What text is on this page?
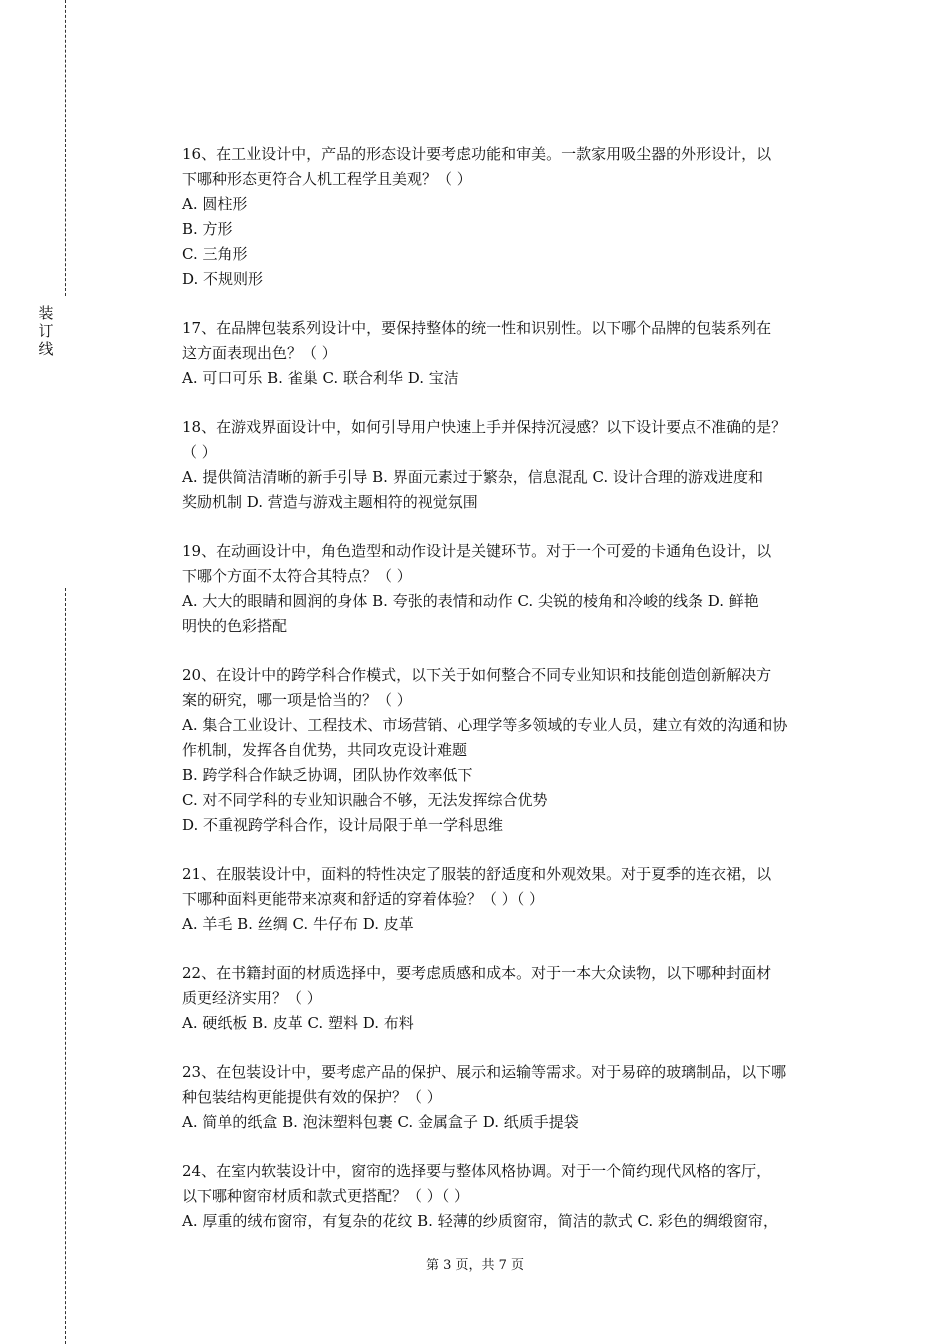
装
订
线

16、在工业设计中，产品的形态设计要考虑功能和审美。一款家用吸尘器的外形设计，以

下哪种形态更符合人机工程学且美观？（ ）

A. 圆柱形

B. 方形

C. 三角形

D. 不规则形

17、在品牌包装系列设计中，要保持整体的统一性和识别性。以下哪个品牌的包装系列在

这方面表现出色？（ ）

A. 可口可乐 B. 雀巢 C. 联合利华 D. 宝洁

18、在游戏界面设计中，如何引导用户快速上手并保持沉浸感？以下设计要点不准确的是？

（ ）

A. 提供简洁清晰的新手引导 B. 界面元素过于繁杂，信息混乱 C. 设计合理的游戏进度和

奖励机制 D. 营造与游戏主题相符的视觉氛围

19、在动画设计中，角色造型和动作设计是关键环节。对于一个可爱的卡通角色设计，以

下哪个方面不太符合其特点？（ ）

A. 大大的眼睛和圆润的身体 B. 夸张的表情和动作 C. 尖锐的棱角和冷峻的线条 D. 鲜艳

明快的色彩搭配

20、在设计中的跨学科合作模式，以下关于如何整合不同专业知识和技能创造创新解决方

案的研究，哪一项是恰当的？（ ）

A. 集合工业设计、工程技术、市场营销、心理学等多领域的专业人员，建立有效的沟通和协

作机制，发挥各自优势，共同攻克设计难题

B. 跨学科合作缺乏协调，团队协作效率低下

C. 对不同学科的专业知识融合不够，无法发挥综合优势

D. 不重视跨学科合作，设计局限于单一学科思维

21、在服装设计中，面料的特性决定了服装的舒适度和外观效果。对于夏季的连衣裙，以

下哪种面料更能带来凉爽和舒适的穿着体验？（ ）（ ）

A. 羊毛 B. 丝绸 C. 牛仔布 D. 皮革

22、在书籍封面的材质选择中，要考虑质感和成本。对于一本大众读物，以下哪种封面材

质更经济实用？（ ）

A. 硬纸板 B. 皮革 C. 塑料 D. 布料

23、在包装设计中，要考虑产品的保护、展示和运输等需求。对于易碎的玻璃制品，以下哪

种包装结构更能提供有效的保护？（ ）

A. 简单的纸盒 B. 泡沫塑料包裹 C. 金属盒子 D. 纸质手提袋

24、在室内软装设计中，窗帘的选择要与整体风格协调。对于一个简约现代风格的客厅，

以下哪种窗帘材质和款式更搭配？（ ）（ ）

A. 厚重的绒布窗帘，有复杂的花纹 B. 轻薄的纱质窗帘，简洁的款式 C. 彩色的绸缎窗帘，

第 3 页，共 7 页
